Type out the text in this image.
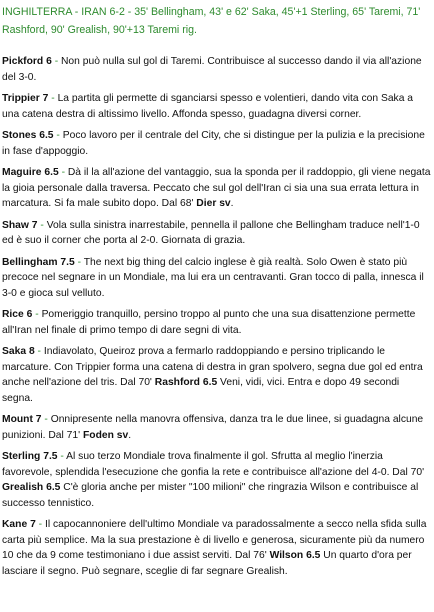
INGHILTERRA - IRAN 6-2 - 35' Bellingham, 43' e 62' Saka, 45'+1 Sterling, 65' Taremi, 71'
Rashford, 90' Grealish, 90'+13 Taremi rig.
Pickford 6 - Non può nulla sul gol di Taremi. Contribuisce al successo dando il via all'azione del 3-0.
Trippier 7 - La partita gli permette di sganciarsi spesso e volentieri, dando vita con Saka a una catena destra di altissimo livello. Affonda spesso, guadagna diversi corner.
Stones 6.5 - Poco lavoro per il centrale del City, che si distingue per la pulizia e la precisione in fase d'appoggio.
Maguire 6.5 - Dà il la all'azione del vantaggio, sua la sponda per il raddoppio, gli viene negata la gioia personale dalla traversa. Peccato che sul gol dell'Iran ci sia una sua errata lettura in marcatura. Si fa male subito dopo. Dal 68' Dier sv.
Shaw 7 - Vola sulla sinistra inarrestabile, pennella il pallone che Bellingham traduce nell'1-0 ed è suo il corner che porta al 2-0. Giornata di grazia.
Bellingham 7.5 - The next big thing del calcio inglese è già realtà. Solo Owen è stato più precoce nel segnare in un Mondiale, ma lui era un centravanti. Gran tocco di palla, innesca il 3-0 e gioca sul velluto.
Rice 6 - Pomeriggio tranquillo, persino troppo al punto che una sua disattenzione permette all'Iran nel finale di primo tempo di dare segni di vita.
Saka 8 - Indiavolato, Queiroz prova a fermarlo raddoppiando e persino triplicando le marcature. Con Trippier forma una catena di destra in gran spolvero, segna due gol ed entra anche nell'azione del tris. Dal 70' Rashford 6.5 Veni, vidi, vici. Entra e dopo 49 secondi segna.
Mount 7 - Onnipresente nella manovra offensiva, danza tra le due linee, si guadagna alcune punizioni. Dal 71' Foden sv.
Sterling 7.5 - Al suo terzo Mondiale trova finalmente il gol. Sfrutta al meglio l'inerzia favorevole, splendida l'esecuzione che gonfia la rete e contribuisce all'azione del 4-0. Dal 70' Grealish 6.5 C'è gloria anche per mister "100 milioni" che ringrazia Wilson e contribuisce al successo tennistico.
Kane 7 - Il capocannoniere dell'ultimo Mondiale va paradossalmente a secco nella sfida sulla carta più semplice. Ma la sua prestazione è di livello e generosa, sicuramente più da numero 10 che da 9 come testimoniano i due assist serviti. Dal 76' Wilson 6.5 Un quarto d'ora per lasciare il segno. Può segnare, sceglie di far segnare Grealish.
